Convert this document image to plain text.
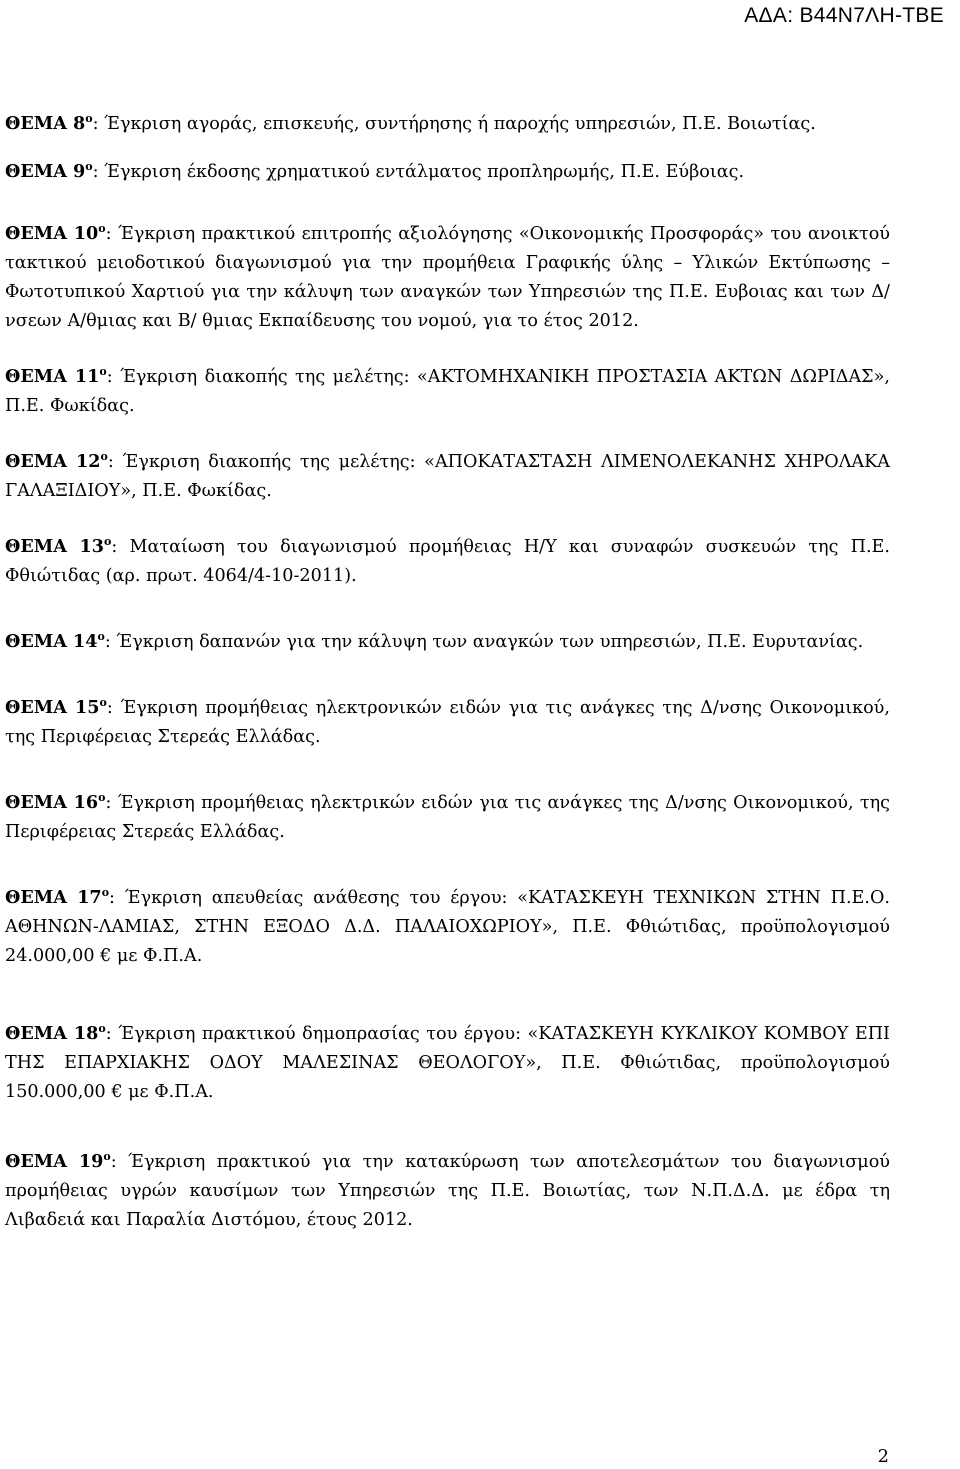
ΑΔΑ: Β44Ν7ΛΗ-ΤΒΕ

ΘΕΜΑ $8^o$: Έγκριση αγοράς, επισκευής, συντήρησης ή παροχής υπηρεσιών, Π.Ε. Βοιωτίας.

ΘΕΜΑ $9^o$: Έγκριση έκδοσης χρηματικού εντάλματος προπληρωμής, Π.Ε. Εύβοιας.

ΘΕΜΑ $10^o$: Έγκριση πρακτικού επιτροπής αξιολόγησης «Οικονομικής Προσφοράς» του ανοικτού τακτικού μειοδοτικού διαγωνισμού για την προμήθεια Γραφικής ύλης – Υλικών Εκτύπωσης – Φωτοτυπικού Χαρτιού για την κάλυψη των αναγκών των Υπηρεσιών της Π.Ε. Ευβοιας και των Δ/νσεων Α/θμιας και Β/ θμιας Εκπαίδευσης του νομού, για το έτος 2012.

ΘΕΜΑ $11^o$: Έγκριση διακοπής της μελέτης: «ΑΚΤΟΜΗΧΑΝΙΚΗ ΠΡΟΣΤΑΣΙΑ ΑΚΤΩΝ ΔΩΡΙΔΑΣ», Π.Ε. Φωκίδας.

ΘΕΜΑ $12^o$: Έγκριση διακοπής της μελέτης: «ΑΠΟΚΑΤΑΣΤΑΣΗ ΛΙΜΕΝΟΛΕΚΑΝΗΣ ΧΗΡΟΛΑΚΑ ΓΑΛΑΞΙΔΙΟΥ», Π.Ε. Φωκίδας.

ΘΕΜΑ $13^o$: Ματαίωση του διαγωνισμού προμήθειας Η/Υ και συναφών συσκευών της Π.Ε. Φθιώτιδας (αρ. πρωτ. 4064/4-10-2011).

ΘΕΜΑ $14^o$: Έγκριση δαπανών για την κάλυψη των αναγκών των υπηρεσιών, Π.Ε. Ευρυτανίας.

ΘΕΜΑ $15^o$: Έγκριση προμήθειας ηλεκτρονικών ειδών για τις ανάγκες της Δ/νσης Οικονομικού, της Περιφέρειας Στερεάς Ελλάδας.

ΘΕΜΑ $16^o$: Έγκριση προμήθειας ηλεκτρικών ειδών για τις ανάγκες της Δ/νσης Οικονομικού, της Περιφέρειας Στερεάς Ελλάδας.

ΘΕΜΑ $17^o$: Έγκριση απευθείας ανάθεσης του έργου: «ΚΑΤΑΣΚΕΥΗ ΤΕΧΝΙΚΩΝ ΣΤΗΝ Π.Ε.Ο. ΑΘΗΝΩΝ-ΛΑΜΙΑΣ, ΣΤΗΝ ΕΞΟΔΟ Δ.Δ. ΠΑΛΑΙΟΧΩΡΙΟΥ», Π.Ε. Φθιώτιδας, προϋπολογισμού 24.000,00 € με Φ.Π.Α.

ΘΕΜΑ $18^o$: Έγκριση πρακτικού δημοπρασίας του έργου: «ΚΑΤΑΣΚΕΥΗ ΚΥΚΛΙΚΟΥ ΚΟΜΒΟΥ ΕΠΙ ΤΗΣ ΕΠΑΡΧΙΑΚΗΣ ΟΔΟΥ ΜΑΛΕΣΙΝΑΣ ΘΕΟΛΟΓΟΥ», Π.Ε. Φθιώτιδας, προϋπολογισμού 150.000,00 € με Φ.Π.Α.

ΘΕΜΑ $19^o$: Έγκριση πρακτικού για την κατακύρωση των αποτελεσμάτων του διαγωνισμού προμήθειας υγρών καυσίμων των Υπηρεσιών της Π.Ε. Βοιωτίας, των Ν.Π.Δ.Δ. με έδρα τη Λιβαδειά και Παραλία Διστόμου, έτους 2012.

2
